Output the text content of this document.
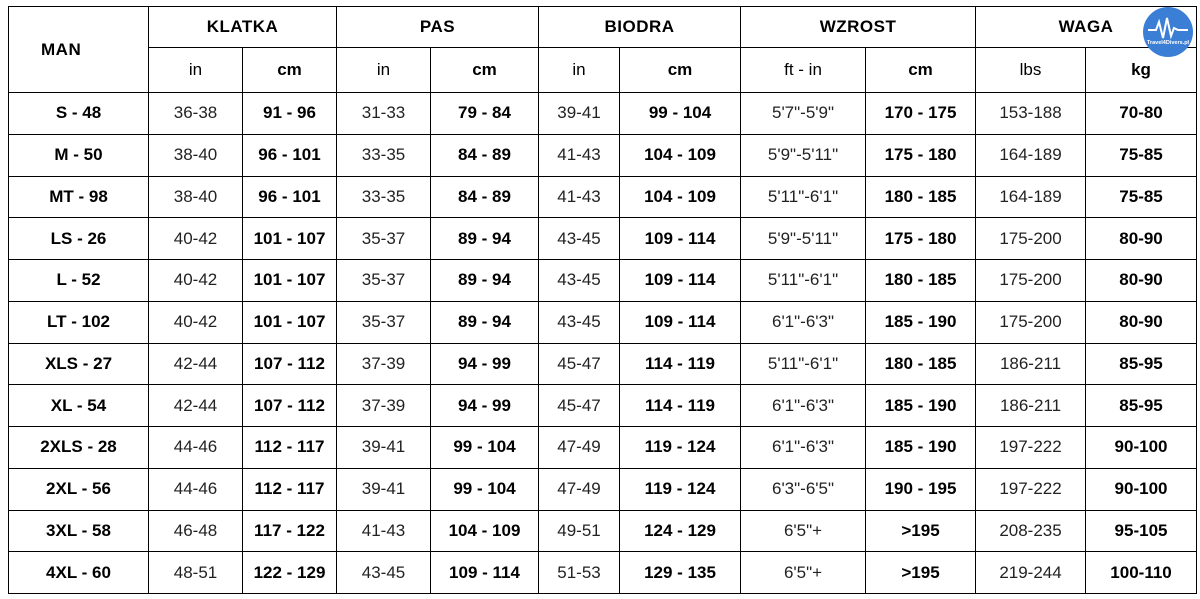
MAN	KLATKA		PAS		BIODRA		WZROST		WAGA	
	in	cm	in	cm	in	cm	ft - in	cm	lbs	kg
S - 48	36-38	91 - 96	31-33	79 - 84	39-41	99 - 104	5'7"-5'9"	170 - 175	153-188	70-80
M - 50	38-40	96 - 101	33-35	84 - 89	41-43	104 - 109	5'9"-5'11"	175 - 180	164-189	75-85
MT - 98	38-40	96 - 101	33-35	84 - 89	41-43	104 - 109	5'11"-6'1"	180 - 185	164-189	75-85
LS - 26	40-42	101 - 107	35-37	89 - 94	43-45	109 - 114	5'9"-5'11"	175 - 180	175-200	80-90
L - 52	40-42	101 - 107	35-37	89 - 94	43-45	109 - 114	5'11"-6'1"	180 - 185	175-200	80-90
LT - 102	40-42	101 - 107	35-37	89 - 94	43-45	109 - 114	6'1"-6'3"	185 - 190	175-200	80-90
XLS - 27	42-44	107 - 112	37-39	94 - 99	45-47	114 - 119	5'11"-6'1"	180 - 185	186-211	85-95
XL - 54	42-44	107 - 112	37-39	94 - 99	45-47	114 - 119	6'1"-6'3"	185 - 190	186-211	85-95
2XLS - 28	44-46	112 - 117	39-41	99 - 104	47-49	119 - 124	6'1"-6'3"	185 - 190	197-222	90-100
2XL - 56	44-46	112 - 117	39-41	99 - 104	47-49	119 - 124	6'3"-6'5"	190 - 195	197-222	90-100
3XL - 58	46-48	117 - 122	41-43	104 - 109	49-51	124 - 129	6'5"+	>195	208-235	95-105
4XL - 60	48-51	122 - 129	43-45	109 - 114	51-53	129 - 135	6'5"+	>195	219-244	100-110
Travel4Divers.pl
